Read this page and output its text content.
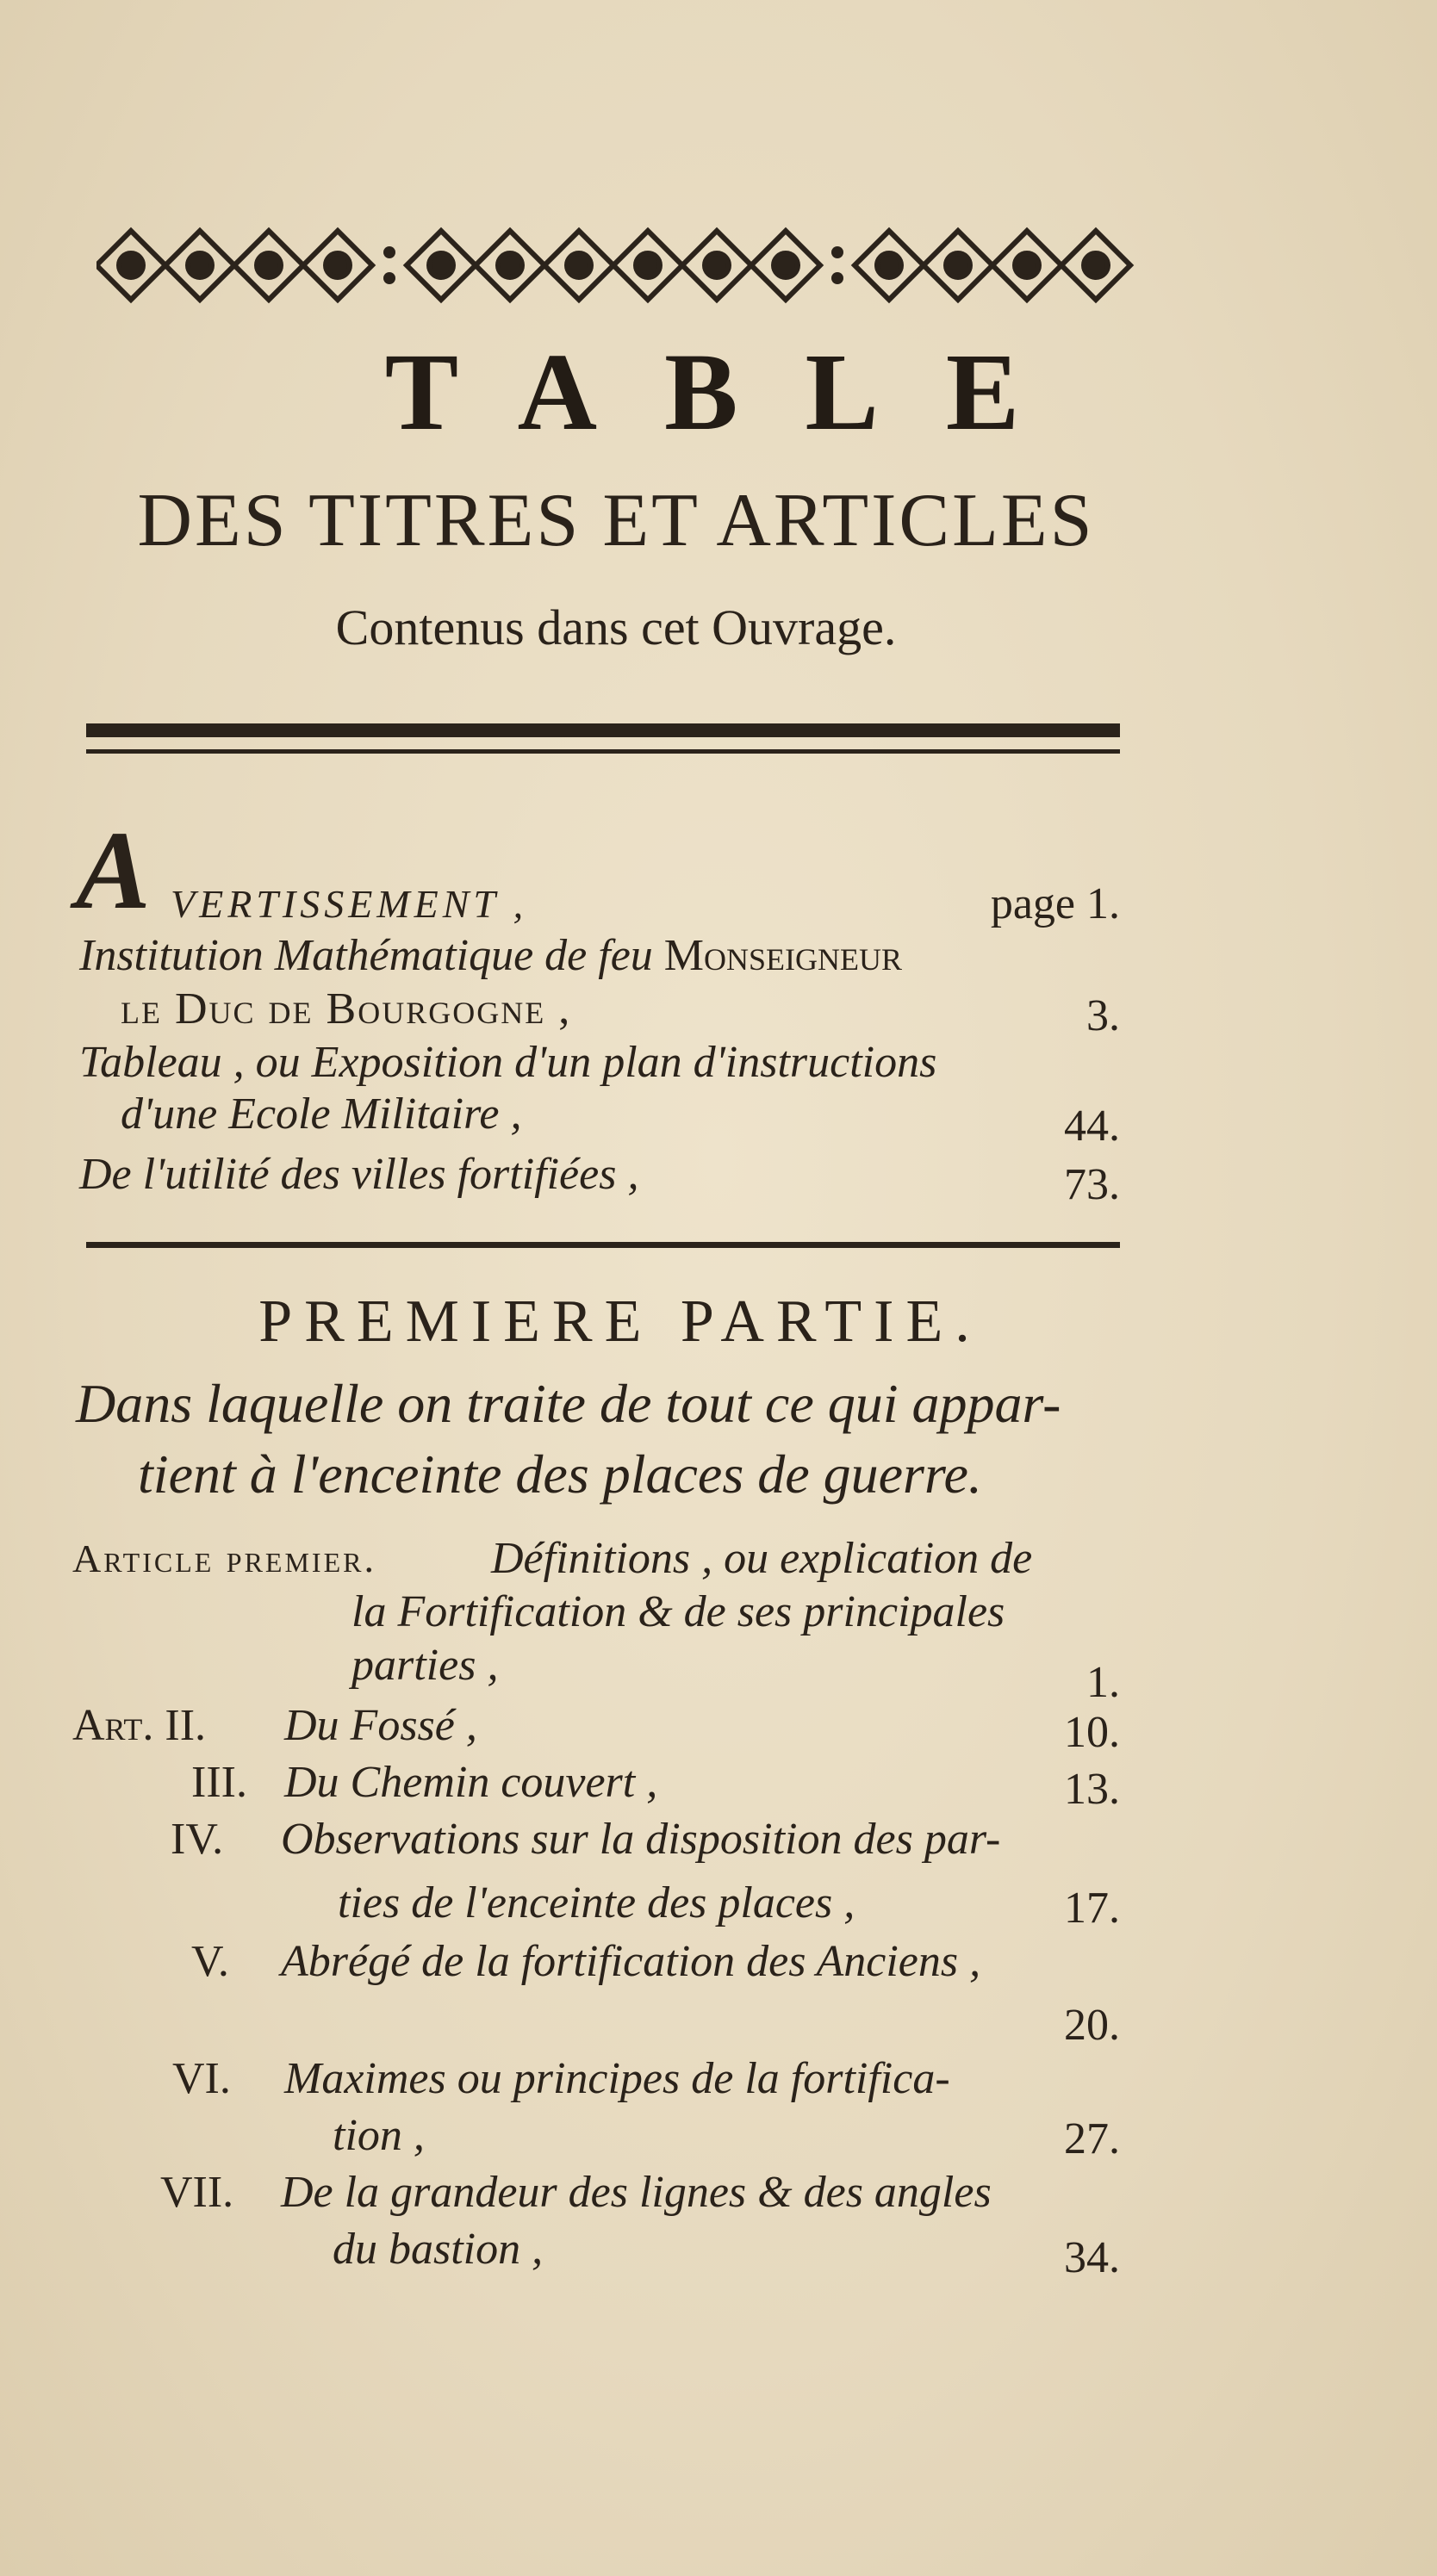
TABLE
DES TITRES ET ARTICLES
Contenus dans cet Ouvrage.
A VERTISSEMENT ,	page 1.
Institution Mathématique de feu Monseigneur
le Duc de Bourgogne ,	3.
Tableau , ou Exposition d'un plan d'instructions
d'une Ecole Militaire ,	44.
De l'utilité des villes fortifiées ,	73.
PREMIERE PARTIE.
Dans laquelle on traite de tout ce qui appar-
tient à l'enceinte des places de guerre.
Article premier.	Définitions , ou explication de
la Fortification & de ses principales
parties ,	1.
Art. II. Du Fossé ,	10.
III. Du Chemin couvert ,	13.
IV. Observations sur la disposition des par-
ties de l'enceinte des places ,	17.
V. Abrégé de la fortification des Anciens ,
20.
VI. Maximes ou principes de la fortifica-
tion ,	27.
VII. De la grandeur des lignes & des angles
du bastion ,	34.
